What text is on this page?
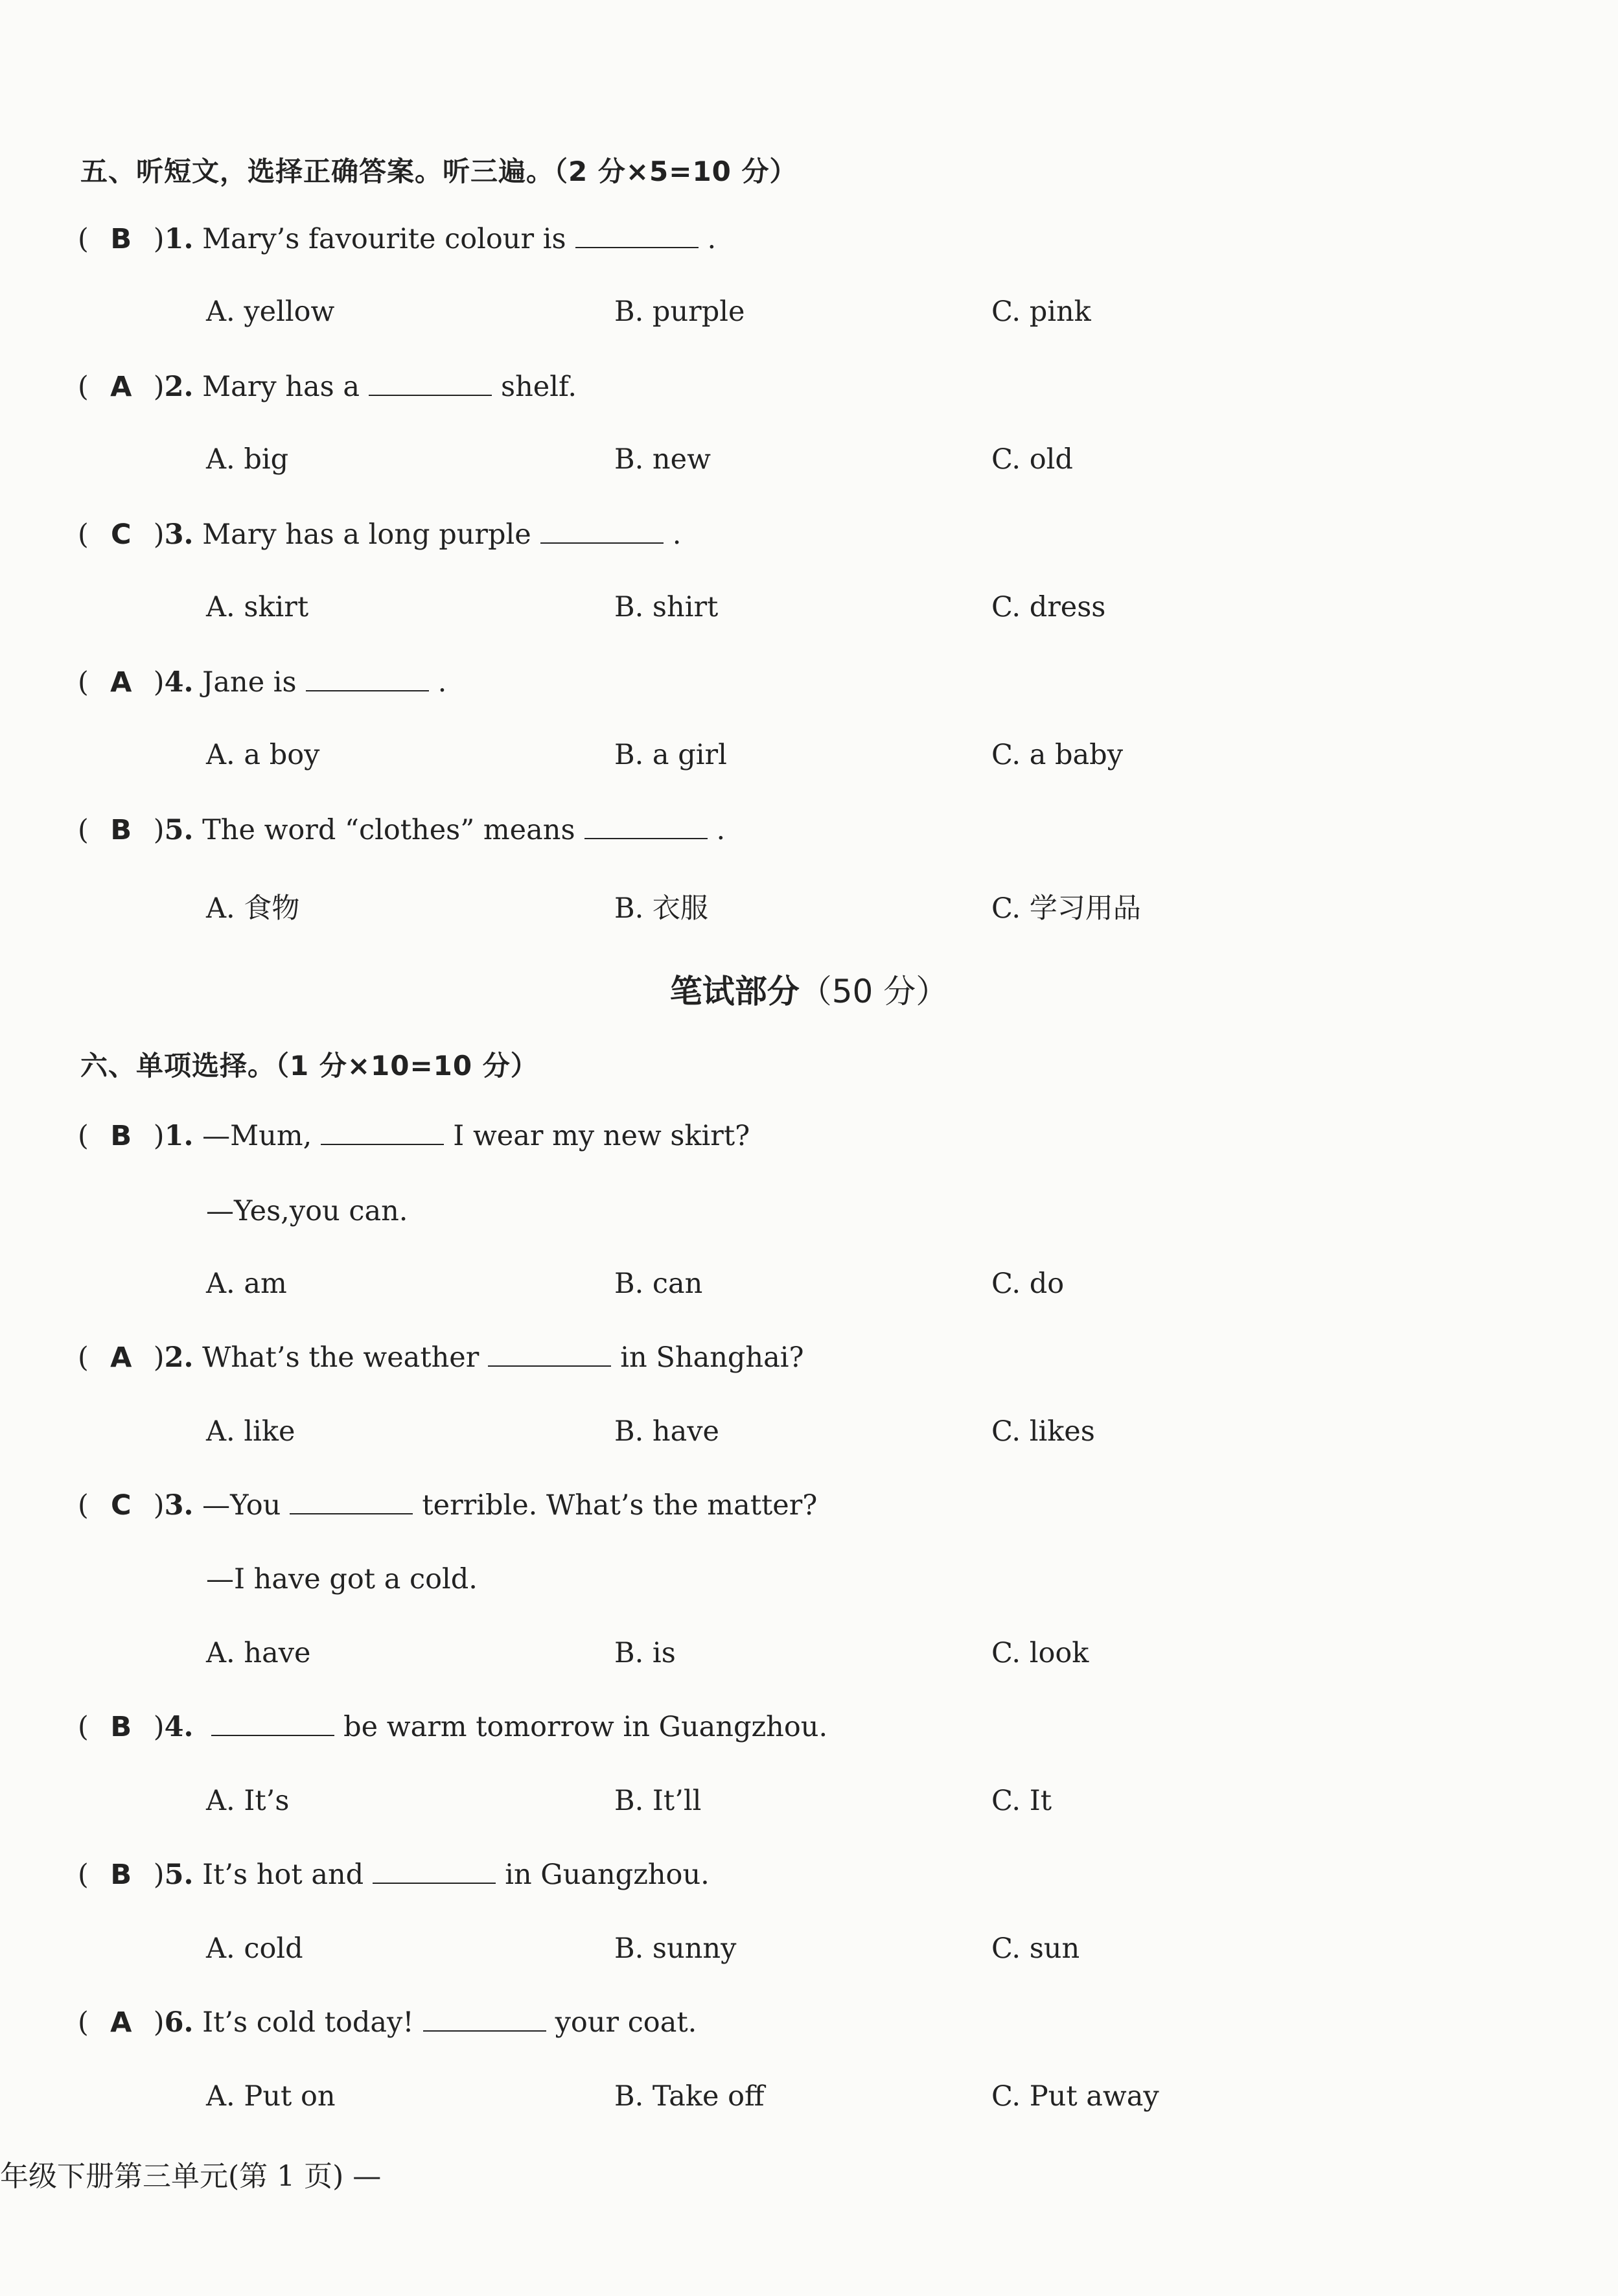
五、听短文，选择正确答案。听三遍。（2 分×5=10 分）
( B )1. Mary’s favourite colour is	.
A. yellow	B. purple	C. pink
( A )2. Mary has a	shelf.
A. big	B. new	C. old
( C )3. Mary has a long purple	.
A. skirt	B. shirt	C. dress
( A )4. Jane is	.
A. a boy	B. a girl	C. a baby
( B )5. The word “clothes” means	.
A. 食物	B. 衣服	C. 学习用品
笔试部分（50 分）
六、单项选择。（1 分×10=10 分）
( B )1. —Mum,	I wear my new skirt?
—Yes,you can.
A. am	B. can	C. do
( A )2. What’s the weather	in Shanghai?
A. like	B. have	C. likes
( C )3. —You	terrible. What’s the matter?
—I have got a cold.
A. have	B. is	C. look
( B )4.	be warm tomorrow in Guangzhou.
A. It’s	B. It’ll	C. It
( B )5. It’s hot and	in Guangzhou.
A. cold	B. sunny	C. sun
( A )6. It’s cold today!	your coat.
A. Put on	B. Take off	C. Put away
年级下册第三单元(第 1 页) —
